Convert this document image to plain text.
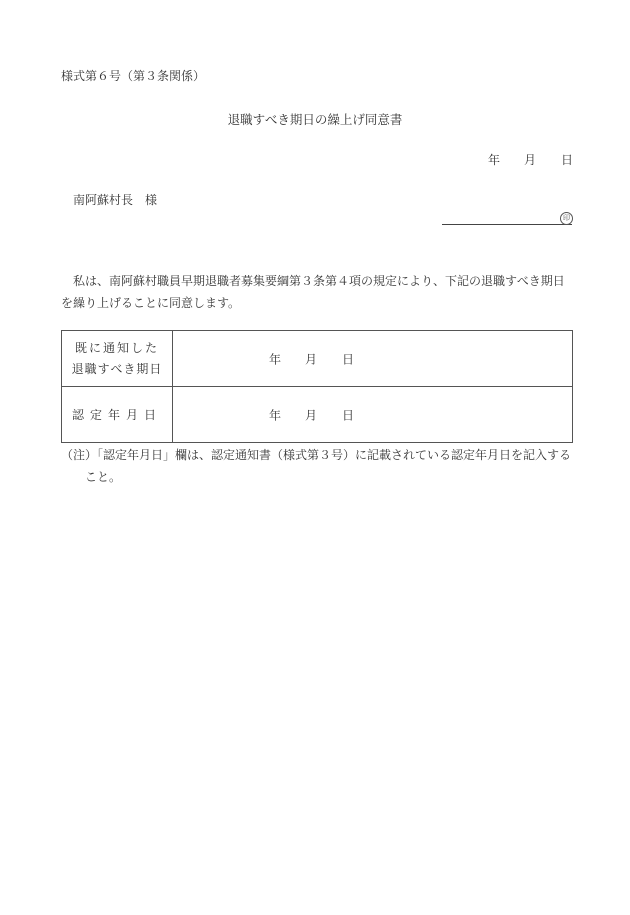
様式第６号（第３条関係）
退職すべき期日の繰上げ同意書
年 月 日
南阿蘇村長　様
印
私は、南阿蘇村職員早期退職者募集要綱第３条第４項の規定により、下記の退職すべき期日を繰り上げることに同意します。
既に通知した
退職すべき期日	年 月 日

認定年月日	年 月 日
（注）「認定年月日」欄は、認定通知書（様式第３号）に記載されている認定年月日を記入すること。
